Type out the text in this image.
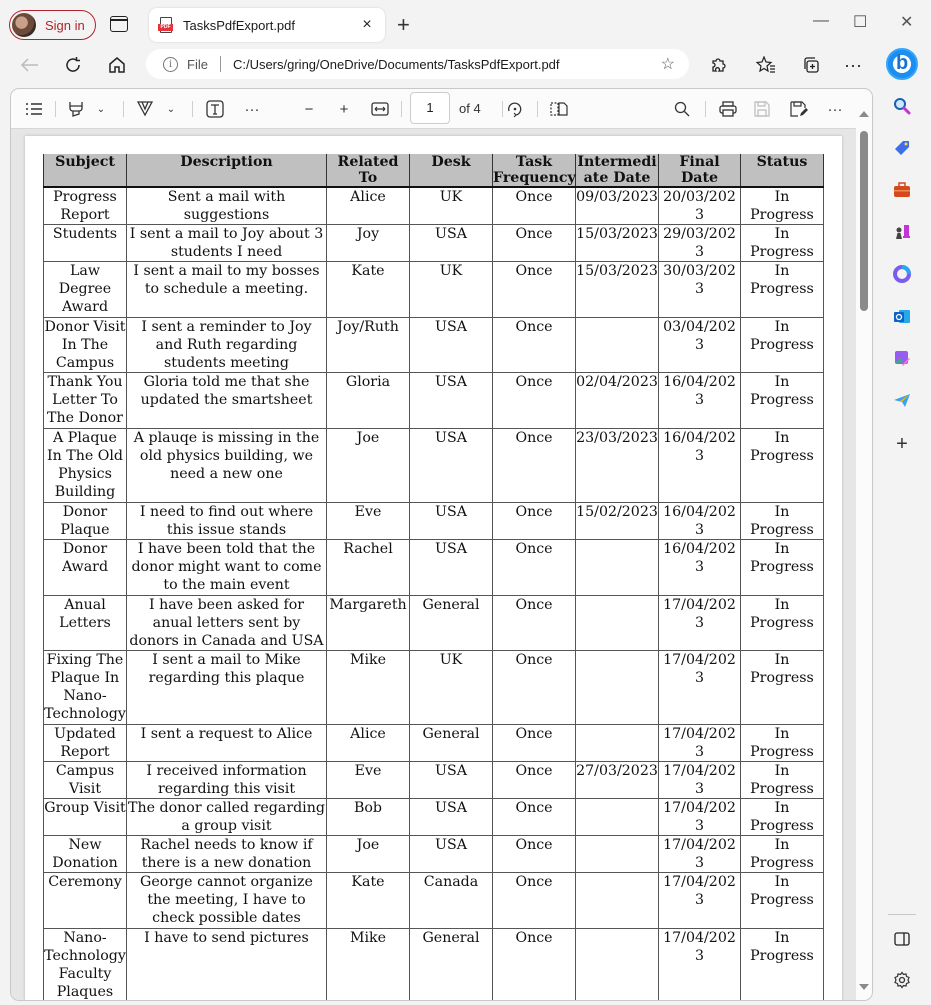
Sign in	PDF TasksPdfExport.pdf	× +	— ☐ ✕
i	File C:/Users/gring/OneDrive/Documents/TasksPdfExport.pdf	☆	···
b
⌄	⌄	···	−	+	1	of 4	···
Subject	Description	Related To	Desk	Task Frequency	Intermediate Date	Final Date	Status
Progress Report	Sent a mail with suggestions	Alice	UK	Once	09/03/2023	20/03/2023	In Progress
Students	I sent a mail to Joy about 3 students I need	Joy	USA	Once	15/03/2023	29/03/2023	In Progress
Law Degree Award	I sent a mail to my bosses to schedule a meeting.	Kate	UK	Once	15/03/2023	30/03/2023	In Progress
Donor Visit In The Campus	I sent a reminder to Joy and Ruth regarding students meeting	Joy/Ruth	USA	Once		03/04/2023	In Progress
Thank You Letter To The Donor	Gloria told me that she updated the smartsheet	Gloria	USA	Once	02/04/2023	16/04/2023	In Progress
A Plaque In The Old Physics Building	A plauqe is missing in the old physics building, we need a new one	Joe	USA	Once	23/03/2023	16/04/2023	In Progress
Donor Plaque	I need to find out where this issue stands	Eve	USA	Once	15/02/2023	16/04/2023	In Progress
Donor Award	I have been told that the donor might want to come to the main event	Rachel	USA	Once		16/04/2023	In Progress
Anual Letters	I have been asked for anual letters sent by donors in Canada and USA	Margareth	General	Once		17/04/2023	In Progress
Fixing The Plaque In Nano-Technology	I sent a mail to Mike regarding this plaque	Mike	UK	Once		17/04/2023	In Progress
Updated Report	I sent a request to Alice	Alice	General	Once		17/04/2023	In Progress
Campus Visit	I received information regarding this visit	Eve	USA	Once	27/03/2023	17/04/2023	In Progress
Group Visit	The donor called regarding a group visit	Bob	USA	Once		17/04/2023	In Progress
New Donation	Rachel needs to know if there is a new donation	Joe	USA	Once		17/04/2023	In Progress
Ceremony	George cannot organize the meeting, I have to check possible dates	Kate	Canada	Once		17/04/2023	In Progress
Nano-Technology Faculty Plaques	I have to send pictures	Mike	General	Once		17/04/2023	In Progress
+
